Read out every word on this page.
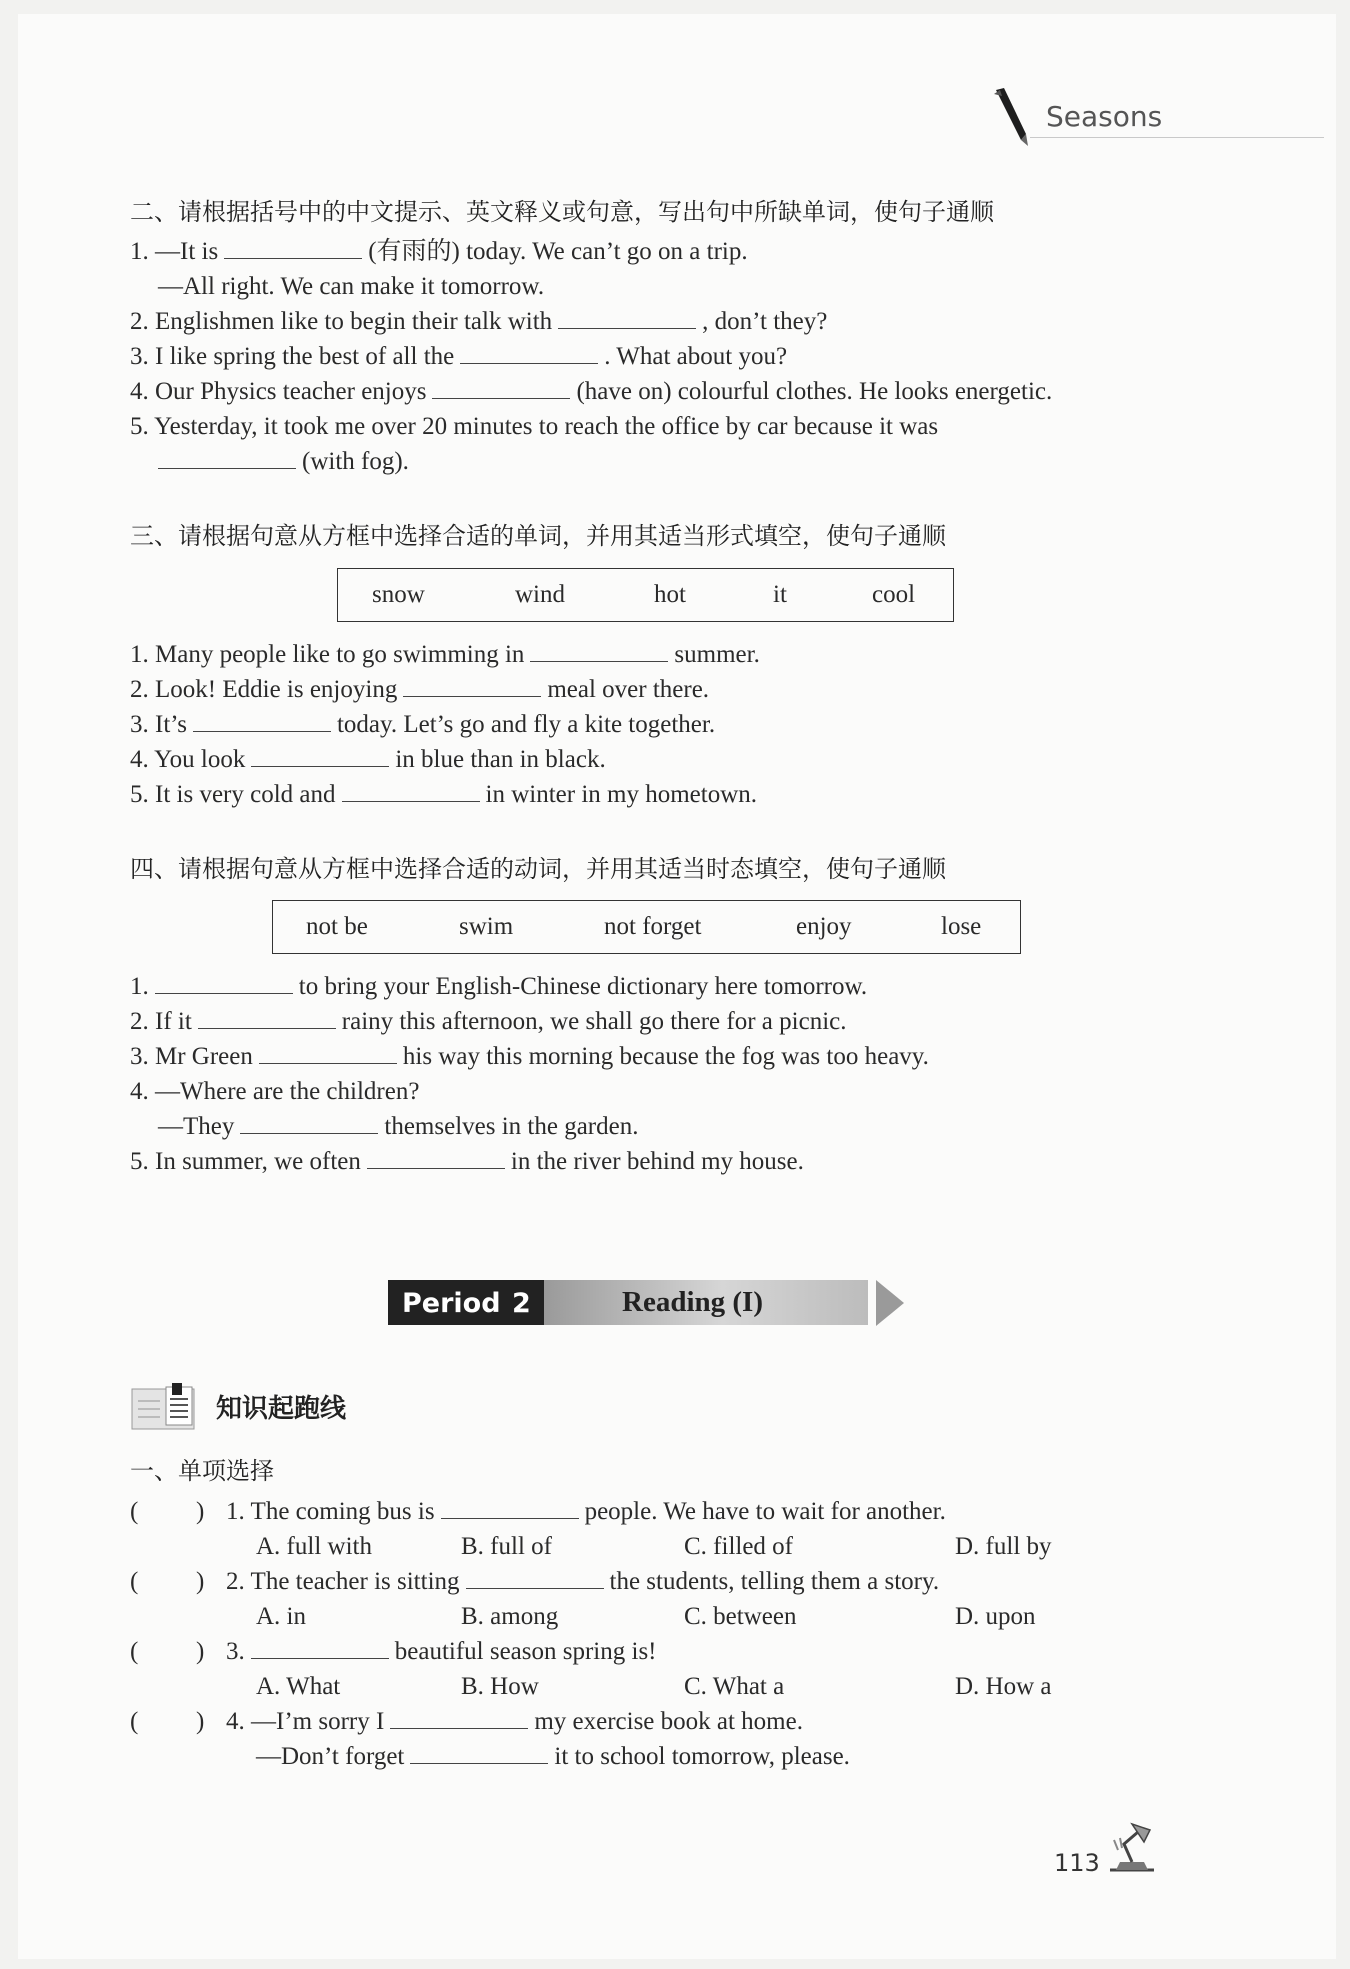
Seasons
二、请根据括号中的中文提示、英文释义或句意，写出句中所缺单词，使句子通顺
1. —It is	(有雨的) today. We can’t go on a trip.
—All right. We can make it tomorrow.
2. Englishmen like to begin their talk with	, don’t they?
3. I like spring the best of all the	. What about you?
4. Our Physics teacher enjoys	(have on) colourful clothes. He looks energetic.
5. Yesterday, it took me over 20 minutes to reach the office by car because it was
(with fog).
三、请根据句意从方框中选择合适的单词，并用其适当形式填空，使句子通顺
snow	wind	hot	it	cool
1. Many people like to go swimming in	summer.
2. Look! Eddie is enjoying	meal over there.
3. It’s	today. Let’s go and fly a kite together.
4. You look	in blue than in black.
5. It is very cold and	in winter in my hometown.
四、请根据句意从方框中选择合适的动词，并用其适当时态填空，使句子通顺
not be	swim	not forget	enjoy	lose
1.	to bring your English-Chinese dictionary here tomorrow.
2. If it	rainy this afternoon, we shall go there for a picnic.
3. Mr Green	his way this morning because the fog was too heavy.
4. —Where are the children?
—They	themselves in the garden.
5. In summer, we often	in the river behind my house.
Period 2	Reading (I)
知识起跑线
一、单项选择
( ) 1. The coming bus is	people. We have to wait for another.
A. full with	B. full of	C. filled of	D. full by
( ) 2. The teacher is sitting	the students, telling them a story.
A. in	B. among	C. between	D. upon
( ) 3.	beautiful season spring is!
A. What	B. How	C. What a	D. How a
( ) 4. —I’m sorry I	my exercise book at home.
—Don’t forget	it to school tomorrow, please.
113
